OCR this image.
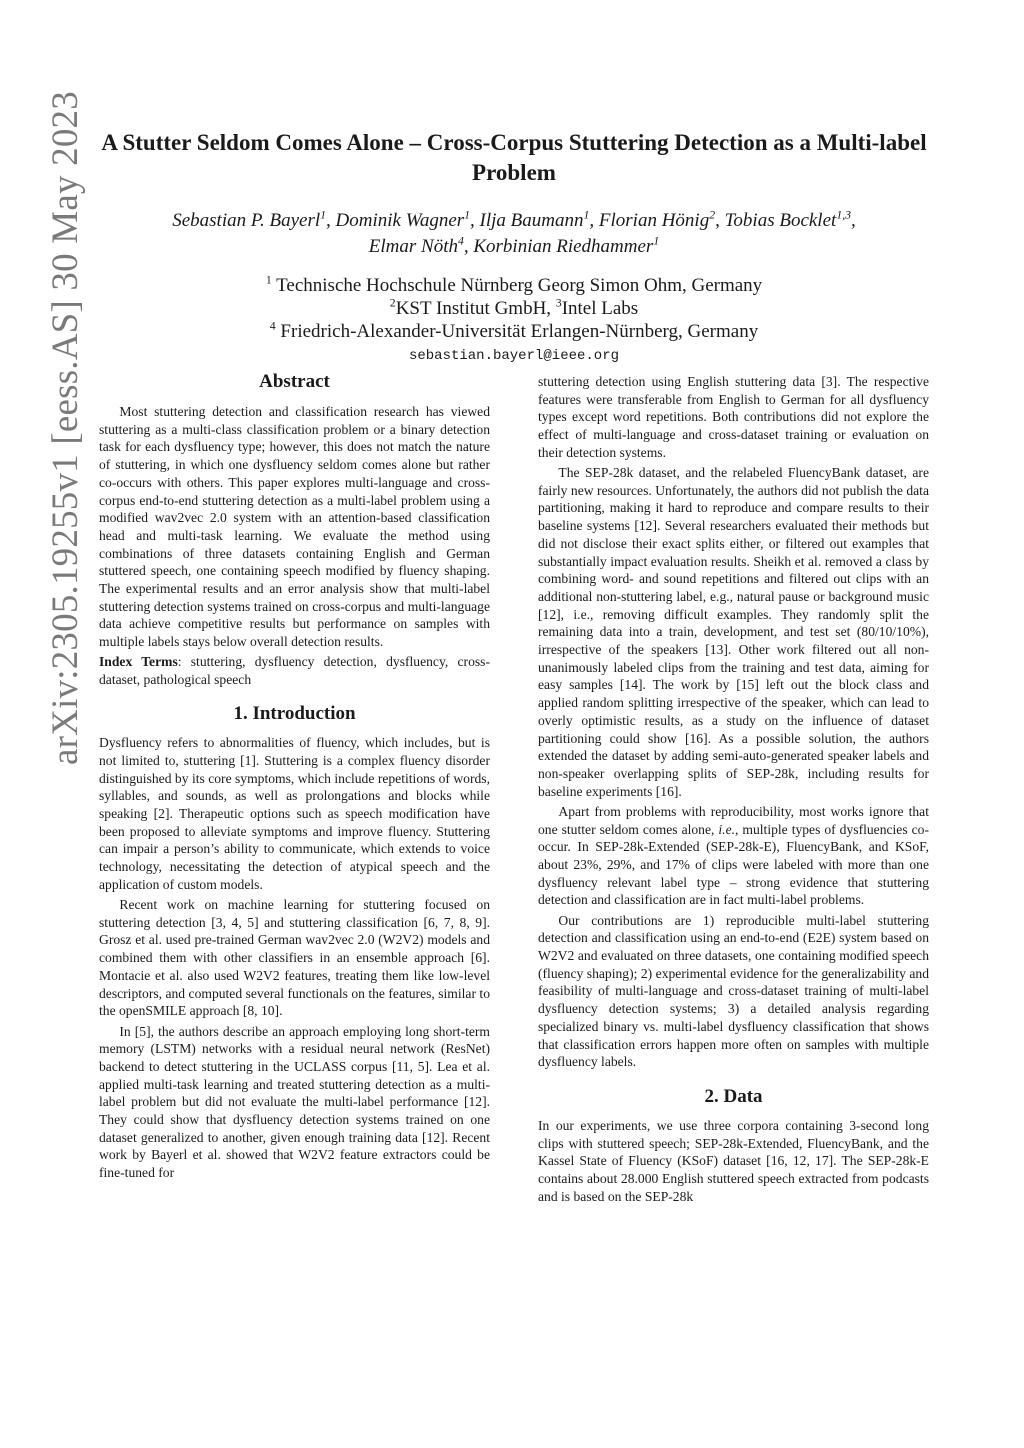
arXiv:2305.19255v1 [eess.AS] 30 May 2023 A Stutter Seldom Comes Alone – Cross-Corpus Stuttering Detection as a Multi-label Problem
Sebastian P. Bayerl$^1$, Dominik Wagner$^1$, Ilja Baumann$^1$, Florian Hönig$^2$, Tobias Bocklet$^{1,3}$,
Elmar Nöth$^4$, Korbinian Riedhammer$^1$
$^1$ Technische Hochschule Nürnberg Georg Simon Ohm, Germany
$^2$KST Institut GmbH, $^3$Intel Labs
$^4$ Friedrich-Alexander-Universität Erlangen-Nürnberg, Germany
sebastian.bayerl@ieee.org
Abstract

Most stuttering detection and classification research has viewed stuttering as a multi-class classification problem or a binary detection task for each dysfluency type; however, this does not match the nature of stuttering, in which one dysfluency seldom comes alone but rather co-occurs with others. This paper explores multi-language and cross-corpus end-to-end stuttering detection as a multi-label problem using a modified wav2vec 2.0 system with an attention-based classification head and multi-task learning. We evaluate the method using combinations of three datasets containing English and German stuttered speech, one containing speech modified by fluency shaping. The experimental results and an error analysis show that multi-label stuttering detection systems trained on cross-corpus and multi-language data achieve competitive results but performance on samples with multiple labels stays below overall detection results.

Index Terms: stuttering, dysfluency detection, dysfluency, cross-dataset, pathological speech

1. Introduction

Dysfluency refers to abnormalities of fluency, which includes, but is not limited to, stuttering [1]. Stuttering is a complex fluency disorder distinguished by its core symptoms, which include repetitions of words, syllables, and sounds, as well as prolongations and blocks while speaking [2]. Therapeutic options such as speech modification have been proposed to alleviate symptoms and improve fluency. Stuttering can impair a person’s ability to communicate, which extends to voice technology, necessitating the detection of atypical speech and the application of custom models.

Recent work on machine learning for stuttering focused on stuttering detection [3, 4, 5] and stuttering classification [6, 7, 8, 9]. Grosz et al. used pre-trained German wav2vec 2.0 (W2V2) models and combined them with other classifiers in an ensemble approach [6]. Montacie et al. also used W2V2 features, treating them like low-level descriptors, and computed several functionals on the features, similar to the openSMILE approach [8, 10].

In [5], the authors describe an approach employing long short-term memory (LSTM) networks with a residual neural network (ResNet) backend to detect stuttering in the UCLASS corpus [11, 5]. Lea et al. applied multi-task learning and treated stuttering detection as a multi-label problem but did not evaluate the multi-label performance [12]. They could show that dysfluency detection systems trained on one dataset generalized to another, given enough training data [12]. Recent work by Bayerl et al. showed that W2V2 feature extractors could be fine-tuned for

stuttering detection using English stuttering data [3]. The respective features were transferable from English to German for all dysfluency types except word repetitions. Both contributions did not explore the effect of multi-language and cross-dataset training or evaluation on their detection systems.

The SEP-28k dataset, and the relabeled FluencyBank dataset, are fairly new resources. Unfortunately, the authors did not publish the data partitioning, making it hard to reproduce and compare results to their baseline systems [12]. Several researchers evaluated their methods but did not disclose their exact splits either, or filtered out examples that substantially impact evaluation results. Sheikh et al. removed a class by combining word- and sound repetitions and filtered out clips with an additional non-stuttering label, e.g., natural pause or background music [12], i.e., removing difficult examples. They randomly split the remaining data into a train, development, and test set (80/10/10%), irrespective of the speakers [13]. Other work filtered out all non-unanimously labeled clips from the training and test data, aiming for easy samples [14]. The work by [15] left out the block class and applied random splitting irrespective of the speaker, which can lead to overly optimistic results, as a study on the influence of dataset partitioning could show [16]. As a possible solution, the authors extended the dataset by adding semi-auto-generated speaker labels and non-speaker overlapping splits of SEP-28k, including results for baseline experiments [16].

Apart from problems with reproducibility, most works ignore that one stutter seldom comes alone, i.e., multiple types of dysfluencies co-occur. In SEP-28k-Extended (SEP-28k-E), FluencyBank, and KSoF, about 23%, 29%, and 17% of clips were labeled with more than one dysfluency relevant label type – strong evidence that stuttering detection and classification are in fact multi-label problems.

Our contributions are 1) reproducible multi-label stuttering detection and classification using an end-to-end (E2E) system based on W2V2 and evaluated on three datasets, one containing modified speech (fluency shaping); 2) experimental evidence for the generalizability and feasibility of multi-language and cross-dataset training of multi-label dysfluency detection systems; 3) a detailed analysis regarding specialized binary vs. multi-label dysfluency classification that shows that classification errors happen more often on samples with multiple dysfluency labels.

2. Data

In our experiments, we use three corpora containing 3-second long clips with stuttered speech; SEP-28k-Extended, FluencyBank, and the Kassel State of Fluency (KSoF) dataset [16, 12, 17]. The SEP-28k-E contains about 28.000 English stuttered speech extracted from podcasts and is based on the SEP-28k
